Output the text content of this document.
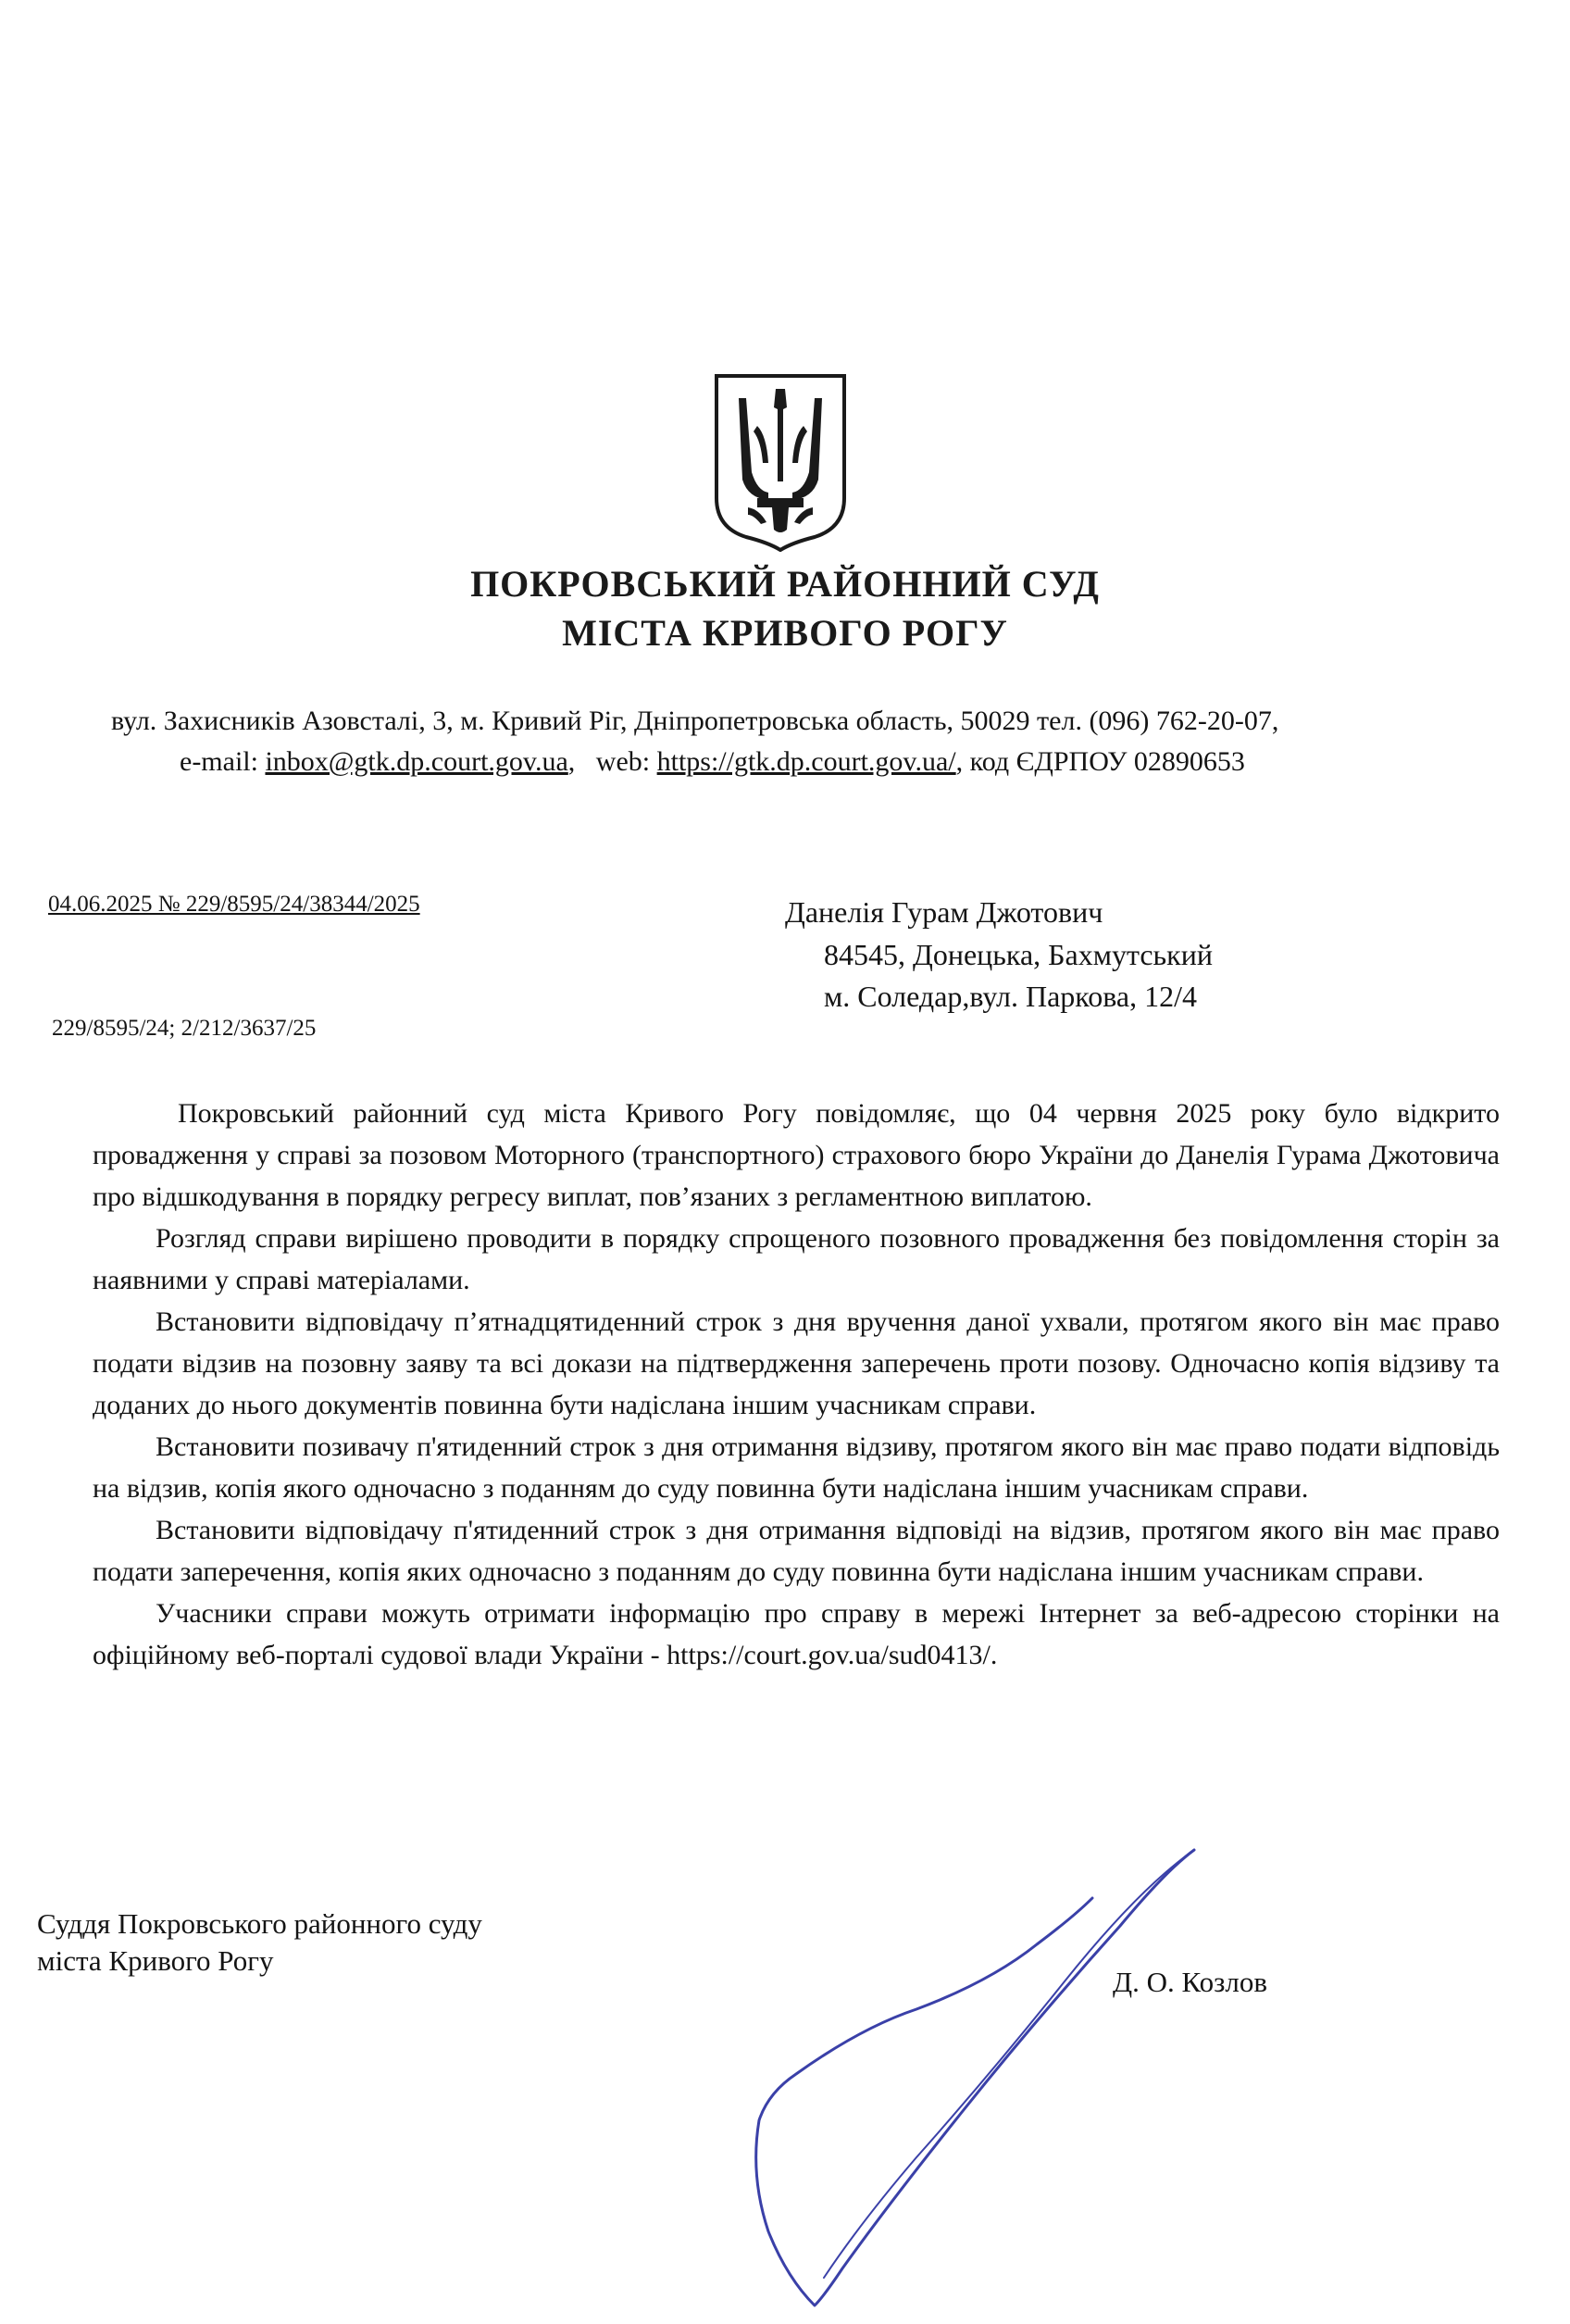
ПОКРОВСЬКИЙ РАЙОННИЙ СУД
МІСТА КРИВОГО РОГУ
вул. Захисників Азовсталі, 3, м. Кривий Ріг, Дніпропетровська область, 50029 тел. (096) 762-20-07,
e-mail: inbox@gtk.dp.court.gov.ua,   web: https://gtk.dp.court.gov.ua/, код ЄДРПОУ 02890653
04.06.2025 № 229/8595/24/38344/2025
229/8595/24; 2/212/3637/25
Данелія Гурам Джотович
84545, Донецька, Бахмутський
м. Соледар,вул. Паркова, 12/4

Покровський районний суд міста Кривого Рогу повідомляє, що 04 червня 2025 року було відкрито провадження у справі за позовом Моторного (транспортного) страхового бюро України до Данелія Гурама Джотовича про відшкодування в порядку регресу виплат, пов’язаних з регламентною виплатою.

Розгляд справи вирішено проводити в порядку спрощеного позовного провадження без повідомлення сторін за наявними у справі матеріалами.

Встановити відповідачу п’ятнадцятиденний строк з дня вручення даної ухвали, протягом якого він має право подати відзив на позовну заяву та всі докази на підтвердження заперечень проти позову. Одночасно копія відзиву та доданих до нього документів повинна бути надіслана іншим учасникам справи.

Встановити позивачу п'ятиденний строк з дня отримання відзиву, протягом якого він має право подати відповідь на відзив, копія якого одночасно з поданням до суду повинна бути надіслана іншим учасникам справи.

Встановити відповідачу п'ятиденний строк з дня отримання відповіді на відзив, протягом якого він має право подати заперечення, копія яких одночасно з поданням до суду повинна бути надіслана іншим учасникам справи.

Учасники справи можуть отримати інформацію про справу в мережі Інтернет за веб-адресою сторінки на офіційному веб-порталі судової влади України - https://court.gov.ua/sud0413/.

Суддя Покровського районного суду
міста Кривого Рогу
Д. О. Козлов
